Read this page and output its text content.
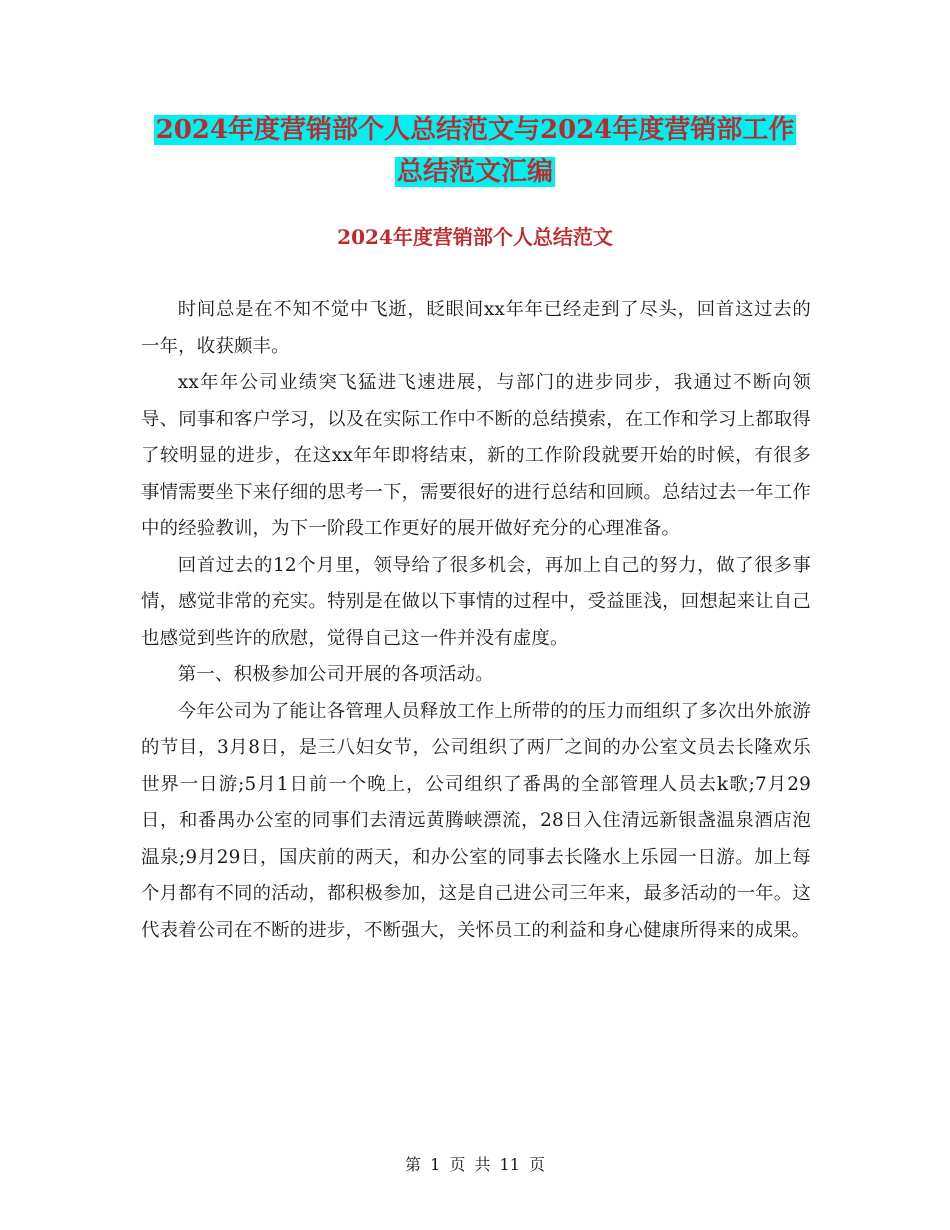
2024年度营销部个人总结范文与2024年度营销部工作
总结范文汇编
2024年度营销部个人总结范文

时间总是在不知不觉中飞逝，眨眼间xx年年已经走到了尽头，回首这过去的一年，收获颇丰。

xx年年公司业绩突飞猛进飞速进展，与部门的进步同步，我通过不断向领导、同事和客户学习，以及在实际工作中不断的总结摸索，在工作和学习上都取得了较明显的进步，在这xx年年即将结束，新的工作阶段就要开始的时候，有很多事情需要坐下来仔细的思考一下，需要很好的进行总结和回顾。总结过去一年工作中的经验教训，为下一阶段工作更好的展开做好充分的心理准备。

回首过去的12个月里，领导给了很多机会，再加上自己的努力，做了很多事情，感觉非常的充实。特别是在做以下事情的过程中，受益匪浅，回想起来让自己也感觉到些许的欣慰，觉得自己这一件并没有虚度。

第一、积极参加公司开展的各项活动。

今年公司为了能让各管理人员释放工作上所带的的压力而组织了多次出外旅游的节目，3月8日，是三八妇女节，公司组织了两厂之间的办公室文员去长隆欢乐世界一日游;5月1日前一个晚上，公司组织了番禺的全部管理人员去k歌;7月29日，和番禺办公室的同事们去清远黄腾峡漂流，28日入住清远新银盏温泉酒店泡温泉;9月29日，国庆前的两天，和办公室的同事去长隆水上乐园一日游。加上每个月都有不同的活动，都积极参加，这是自己进公司三年来，最多活动的一年。这代表着公司在不断的进步，不断强大，关怀员工的利益和身心健康所得来的成果。

第 1 页 共 11 页
